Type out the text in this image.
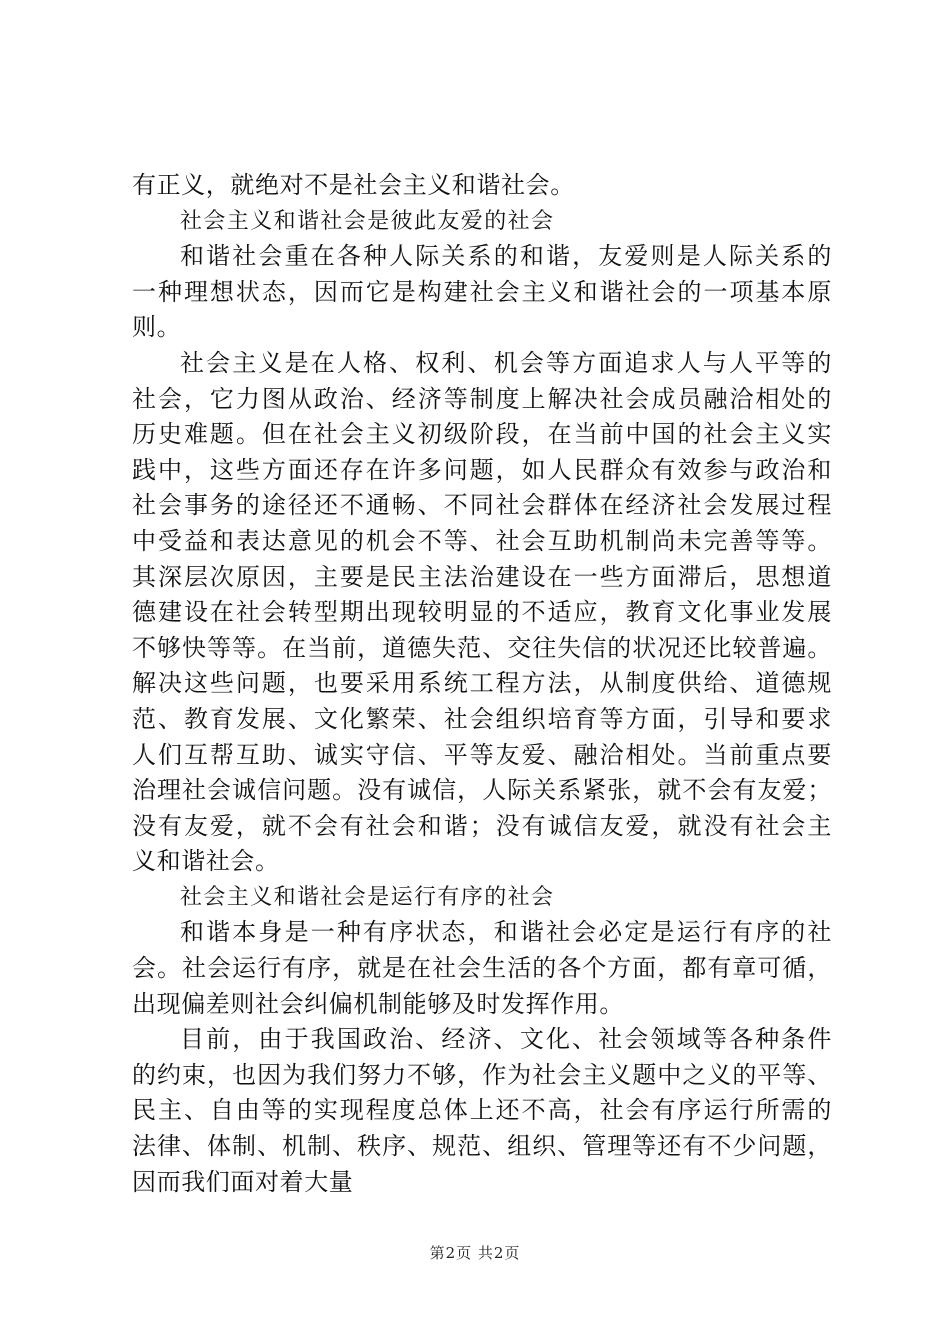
有正义，就绝对不是社会主义和谐社会。
社会主义和谐社会是彼此友爱的社会
和谐社会重在各种人际关系的和谐，友爱则是人际关系的
一种理想状态，因而它是构建社会主义和谐社会的一项基本原
则。
社会主义是在人格、权利、机会等方面追求人与人平等的
社会，它力图从政治、经济等制度上解决社会成员融洽相处的
历史难题。但在社会主义初级阶段，在当前中国的社会主义实
践中，这些方面还存在许多问题，如人民群众有效参与政治和
社会事务的途径还不通畅、不同社会群体在经济社会发展过程
中受益和表达意见的机会不等、社会互助机制尚未完善等等。
其深层次原因，主要是民主法治建设在一些方面滞后，思想道
德建设在社会转型期出现较明显的不适应，教育文化事业发展
不够快等等。在当前，道德失范、交往失信的状况还比较普遍。
解决这些问题，也要采用系统工程方法，从制度供给、道德规
范、教育发展、文化繁荣、社会组织培育等方面，引导和要求
人们互帮互助、诚实守信、平等友爱、融洽相处。当前重点要
治理社会诚信问题。没有诚信，人际关系紧张，就不会有友爱；
没有友爱，就不会有社会和谐；没有诚信友爱，就没有社会主
义和谐社会。
社会主义和谐社会是运行有序的社会
和谐本身是一种有序状态，和谐社会必定是运行有序的社
会。社会运行有序，就是在社会生活的各个方面，都有章可循，
出现偏差则社会纠偏机制能够及时发挥作用。
目前，由于我国政治、经济、文化、社会领域等各种条件
的约束，也因为我们努力不够，作为社会主义题中之义的平等、
民主、自由等的实现程度总体上还不高，社会有序运行所需的
法律、体制、机制、秩序、规范、组织、管理等还有不少问题，
因而我们面对着大量
第2页 共2页
